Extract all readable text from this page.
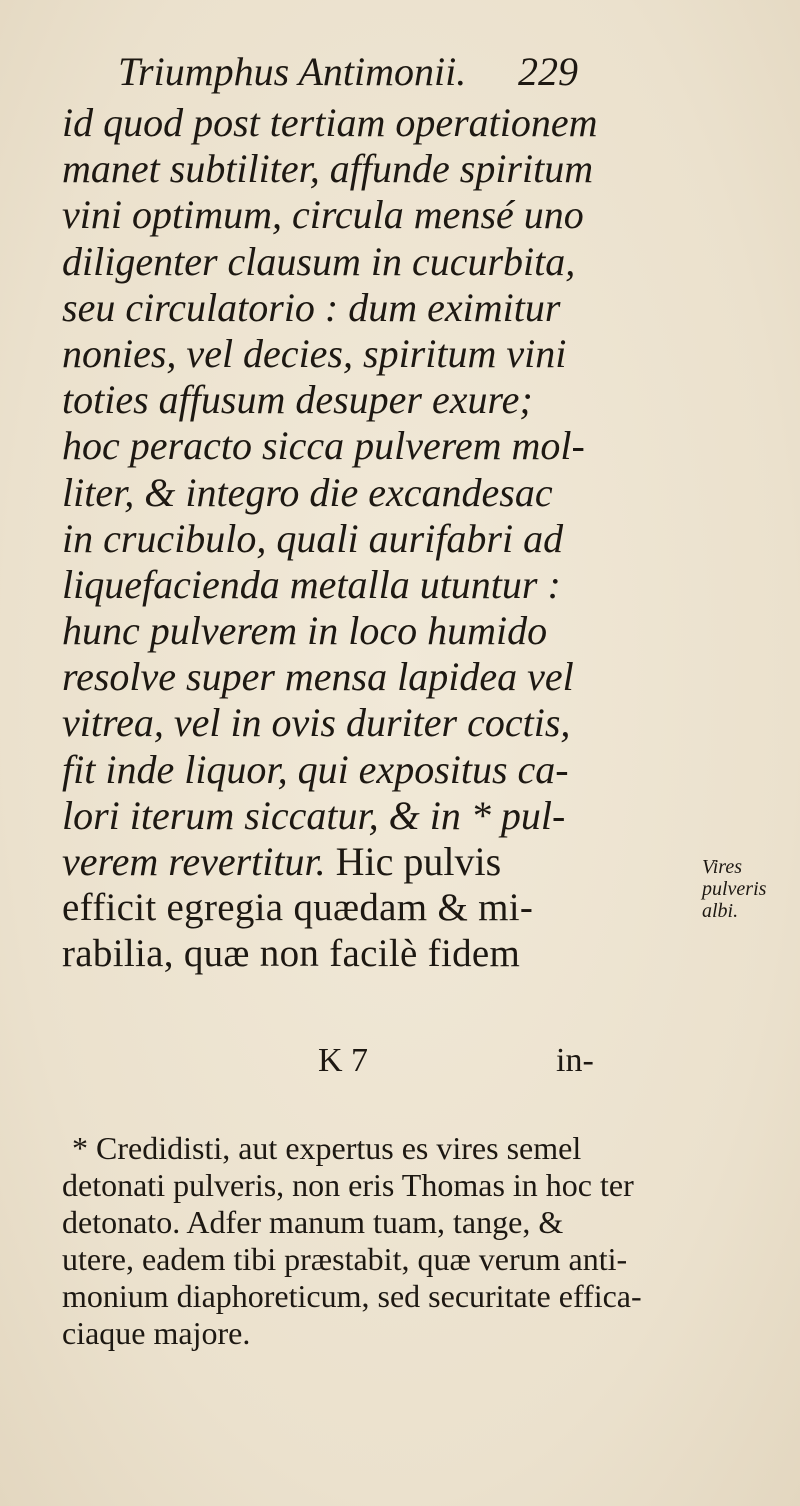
Triumphus Antimonii. 229
id quod post tertiam operationem
manet subtiliter, affunde spiritum
vini optimum, circula mensé uno
diligenter clausum in cucurbita,
seu circulatorio : dum eximitur
nonies, vel decies, spiritum vini
toties affusum desuper exure;
hoc peracto sicca pulverem mol-
liter, & integro die excandesac
in crucibulo, quali aurifabri ad
liquefacienda metalla utuntur :
hunc pulverem in loco humido
resolve super mensa lapidea vel
vitrea, vel in ovis duriter coctis,
fit inde liquor, qui expositus ca-
lori iterum siccatur, & in * pul-
verem revertitur. Hic pulvis
efficit egregia quædam & mi-
rabilia, quæ non facilè fidem
Vires
pulveris
albi.
K 7	in-
* Credidisti, aut expertus es vires semel
detonati pulveris, non eris Thomas in hoc ter
detonato. Adfer manum tuam, tange, &
utere, eadem tibi præstabit, quæ verum anti-
monium diaphoreticum, sed securitate effica-
ciaque majore.
